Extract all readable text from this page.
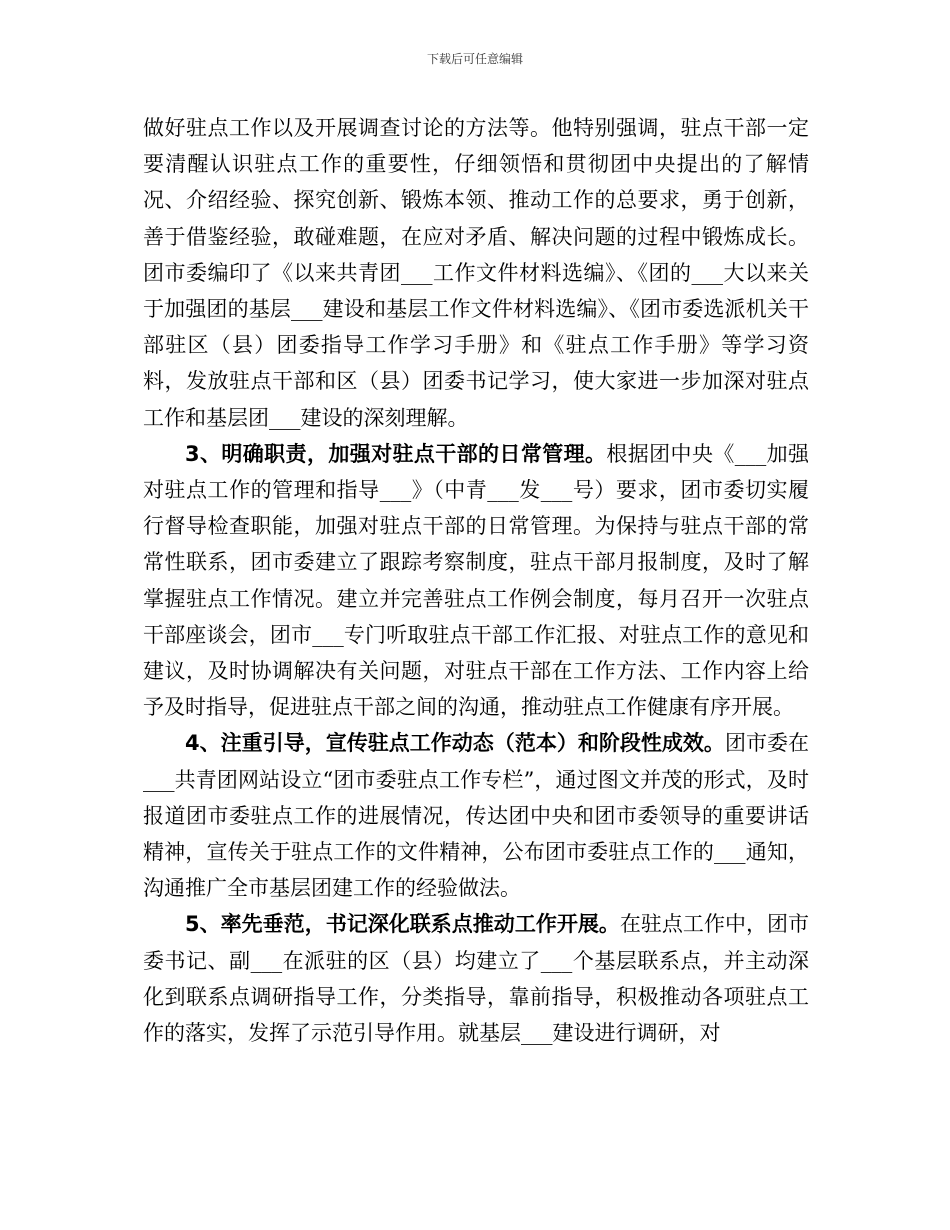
下载后可任意编辑

做好驻点工作以及开展调查讨论的方法等。他特别强调，驻点干部一定要清醒认识驻点工作的重要性，仔细领悟和贯彻团中央提出的了解情况、介绍经验、探究创新、锻炼本领、推动工作的总要求，勇于创新，善于借鉴经验，敢碰难题，在应对矛盾、解决问题的过程中锻炼成长。团市委编印了《以来共青团___工作文件材料选编》、《团的___大以来关于加强团的基层___建设和基层工作文件材料选编》、《团市委选派机关干部驻区（县）团委指导工作学习手册》和《驻点工作手册》等学习资料，发放驻点干部和区（县）团委书记学习，使大家进一步加深对驻点工作和基层团___建设的深刻理解。

3、明确职责，加强对驻点干部的日常管理。根据团中央《___加强对驻点工作的管理和指导___》（中青___发___号）要求，团市委切实履行督导检查职能，加强对驻点干部的日常管理。为保持与驻点干部的常常性联系，团市委建立了跟踪考察制度，驻点干部月报制度，及时了解掌握驻点工作情况。建立并完善驻点工作例会制度，每月召开一次驻点干部座谈会，团市___专门听取驻点干部工作汇报、对驻点工作的意见和建议，及时协调解决有关问题，对驻点干部在工作方法、工作内容上给予及时指导，促进驻点干部之间的沟通，推动驻点工作健康有序开展。

4、注重引导，宣传驻点工作动态（范本）和阶段性成效。团市委在___共青团网站设立“团市委驻点工作专栏”，通过图文并茂的形式，及时报道团市委驻点工作的进展情况，传达团中央和团市委领导的重要讲话精神，宣传关于驻点工作的文件精神，公布团市委驻点工作的___通知，沟通推广全市基层团建工作的经验做法。

5、率先垂范，书记深化联系点推动工作开展。在驻点工作中，团市委书记、副___在派驻的区（县）均建立了___个基层联系点，并主动深化到联系点调研指导工作，分类指导，靠前指导，积极推动各项驻点工作的落实，发挥了示范引导作用。就基层___建设进行调研，对
